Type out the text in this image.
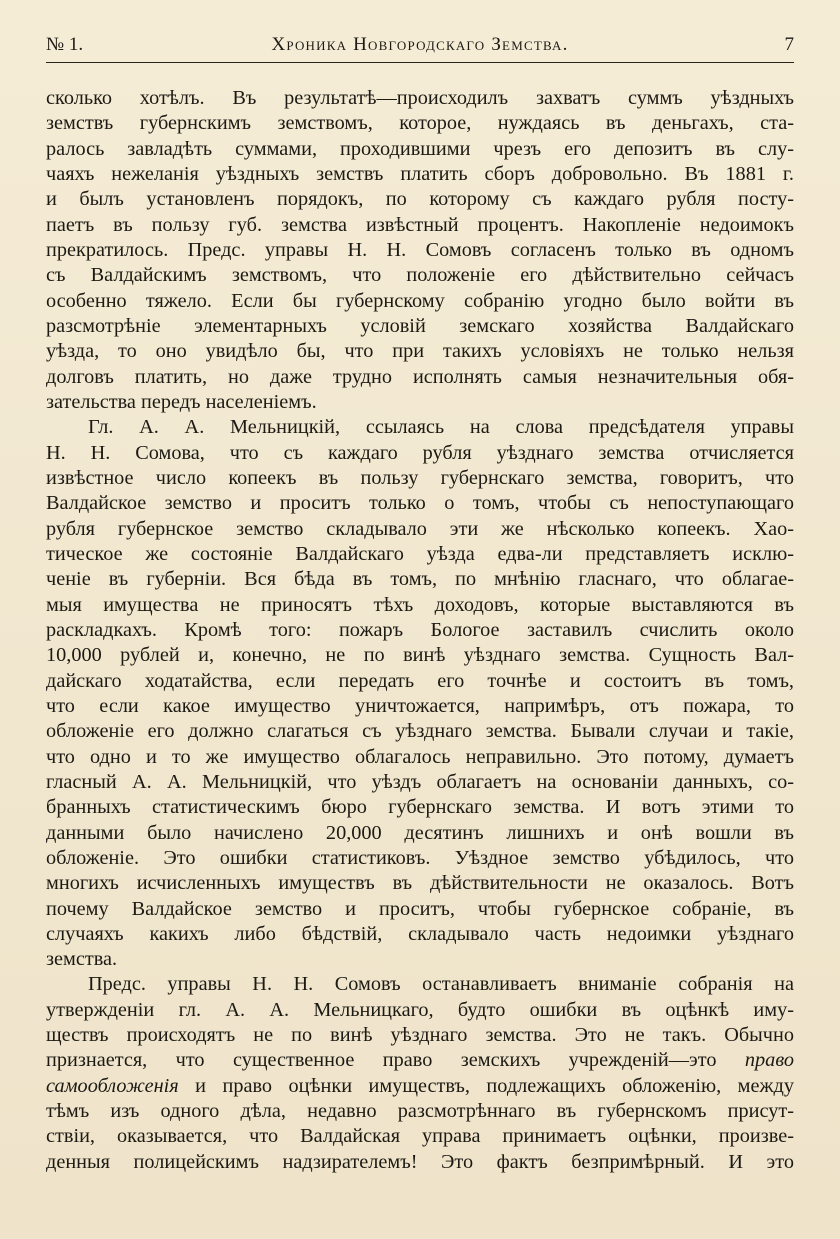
№ 1.	Хроника Новгородскаго Земства.	7
сколько хотѣлъ. Въ результатѣ—происходилъ захватъ суммъ уѣздныхъ
земствъ губернскимъ земствомъ, которое, нуждаясь въ деньгахъ, ста-
ралось завладѣть суммами, проходившими чрезъ его депозитъ въ слу-
чаяхъ нежеланія уѣздныхъ земствъ платить сборъ добровольно. Въ 1881 г.
и былъ установленъ порядокъ, по которому съ каждаго рубля посту-
паетъ въ пользу губ. земства извѣстный процентъ. Накопленіе недоимокъ
прекратилось. Предс. управы Н. Н. Сомовъ согласенъ только въ одномъ
съ Валдайскимъ земствомъ, что положеніе его дѣйствительно сейчасъ
особенно тяжело. Если бы губернскому собранію угодно было войти въ
разсмотрѣніе элементарныхъ условій земскаго хозяйства Валдайскаго
уѣзда, то оно увидѣло бы, что при такихъ условіяхъ не только нельзя
долговъ платить, но даже трудно исполнять самыя незначительныя обя-
зательства передъ населеніемъ.
Гл. А. А. Мельницкій, ссылаясь на слова предсѣдателя управы
Н. Н. Сомова, что съ каждаго рубля уѣзднаго земства отчисляется
извѣстное число копеекъ въ пользу губернскаго земства, говоритъ, что
Валдайское земство и проситъ только о томъ, чтобы съ непоступающаго
рубля губернское земство складывало эти же нѣсколько копеекъ. Хао-
тическое же состояніе Валдайскаго уѣзда едва-ли представляетъ исклю-
ченіе въ губерніи. Вся бѣда въ томъ, по мнѣнію гласнаго, что облагае-
мыя имущества не приносятъ тѣхъ доходовъ, которые выставляются въ
раскладкахъ. Кромѣ того: пожаръ Бологое заставилъ счислить около
10,000 рублей и, конечно, не по винѣ уѣзднаго земства. Сущность Вал-
дайскаго ходатайства, если передать его точнѣе и состоитъ въ томъ,
что если какое имущество уничтожается, напримѣръ, отъ пожара, то
обложеніе его должно слагаться съ уѣзднаго земства. Бывали случаи и такіе,
что одно и то же имущество облагалось неправильно. Это потому, думаетъ
гласный А. А. Мельницкій, что уѣздъ облагаетъ на основаніи данныхъ, со-
бранныхъ статистическимъ бюро губернскаго земства. И вотъ этими то
данными было начислено 20,000 десятинъ лишнихъ и онѣ вошли въ
обложеніе. Это ошибки статистиковъ. Уѣздное земство убѣдилось, что
многихъ исчисленныхъ имуществъ въ дѣйствительности не оказалось. Вотъ
почему Валдайское земство и проситъ, чтобы губернское собраніе, въ
случаяхъ какихъ либо бѣдствій, складывало часть недоимки уѣзднаго
земства.
Предс. управы Н. Н. Сомовъ останавливаетъ вниманіе собранія на
утвержденіи гл. А. А. Мельницкаго, будто ошибки въ оцѣнкѣ иму-
ществъ происходятъ не по винѣ уѣзднаго земства. Это не такъ. Обычно
признается, что существенное право земскихъ учрежденій—это право
самообложенія и право оцѣнки имуществъ, подлежащихъ обложенію, между
тѣмъ изъ одного дѣла, недавно разсмотрѣннаго въ губернскомъ присут-
ствіи, оказывается, что Валдайская управа принимаетъ оцѣнки, произве-
денныя полицейскимъ надзирателемъ! Это фактъ безпримѣрный. И это
